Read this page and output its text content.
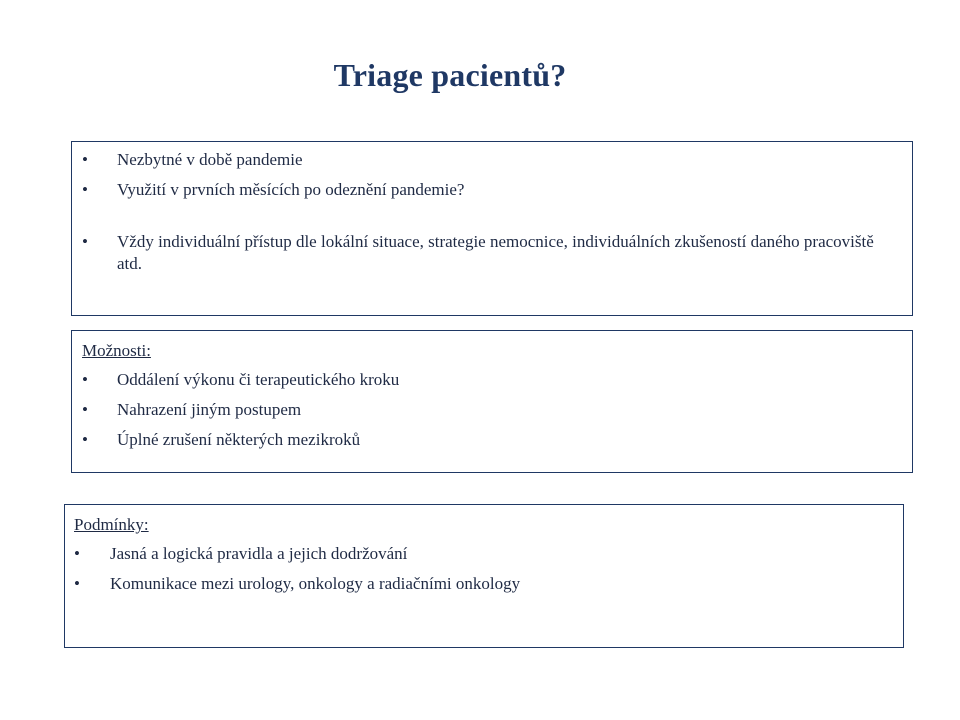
Triage pacientů?
• Nezbytné v době pandemie
• Využití v prvních měsících po odeznění pandemie?
• Vždy individuální přístup dle lokální situace, strategie nemocnice, individuálních zkušeností daného pracoviště atd.
Možnosti:
• Oddálení výkonu či terapeutického kroku
• Nahrazení jiným postupem
• Úplné zrušení některých mezikroků
Podmínky:
• Jasná a logická pravidla a jejich dodržování
• Komunikace mezi urology, onkology a radiačními onkology
